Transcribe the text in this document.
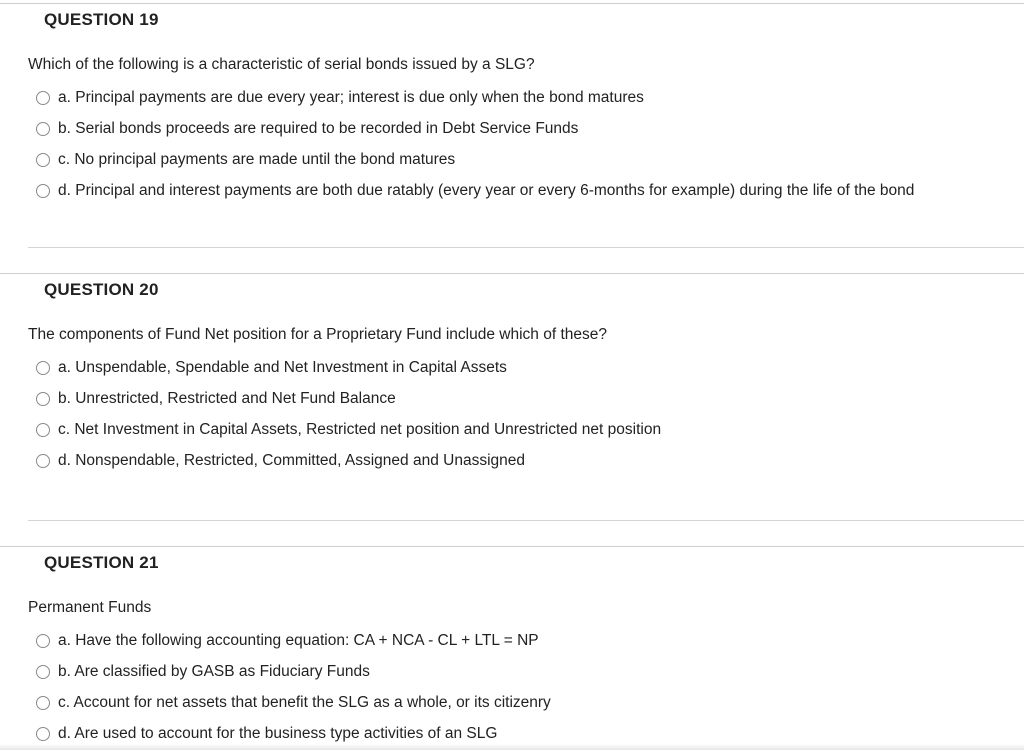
QUESTION 19
Which of the following is a characteristic of serial bonds issued by a SLG?
a. Principal payments are due every year; interest is due only when the bond matures
b. Serial bonds proceeds are required to be recorded in Debt Service Funds
c. No principal payments are made until the bond matures
d. Principal and interest payments are both due ratably (every year or every 6-months for example) during the life of the bond
QUESTION 20
The components of Fund Net position for a Proprietary Fund include which of these?
a. Unspendable, Spendable and Net Investment in Capital Assets
b. Unrestricted, Restricted and Net Fund Balance
c. Net Investment in Capital Assets, Restricted net position and Unrestricted net position
d. Nonspendable, Restricted, Committed, Assigned and Unassigned
QUESTION 21
Permanent Funds
a. Have the following accounting equation: CA + NCA - CL + LTL = NP
b. Are classified by GASB as Fiduciary Funds
c. Account for net assets that benefit the SLG as a whole, or its citizenry
d. Are used to account for the business type activities of an SLG
